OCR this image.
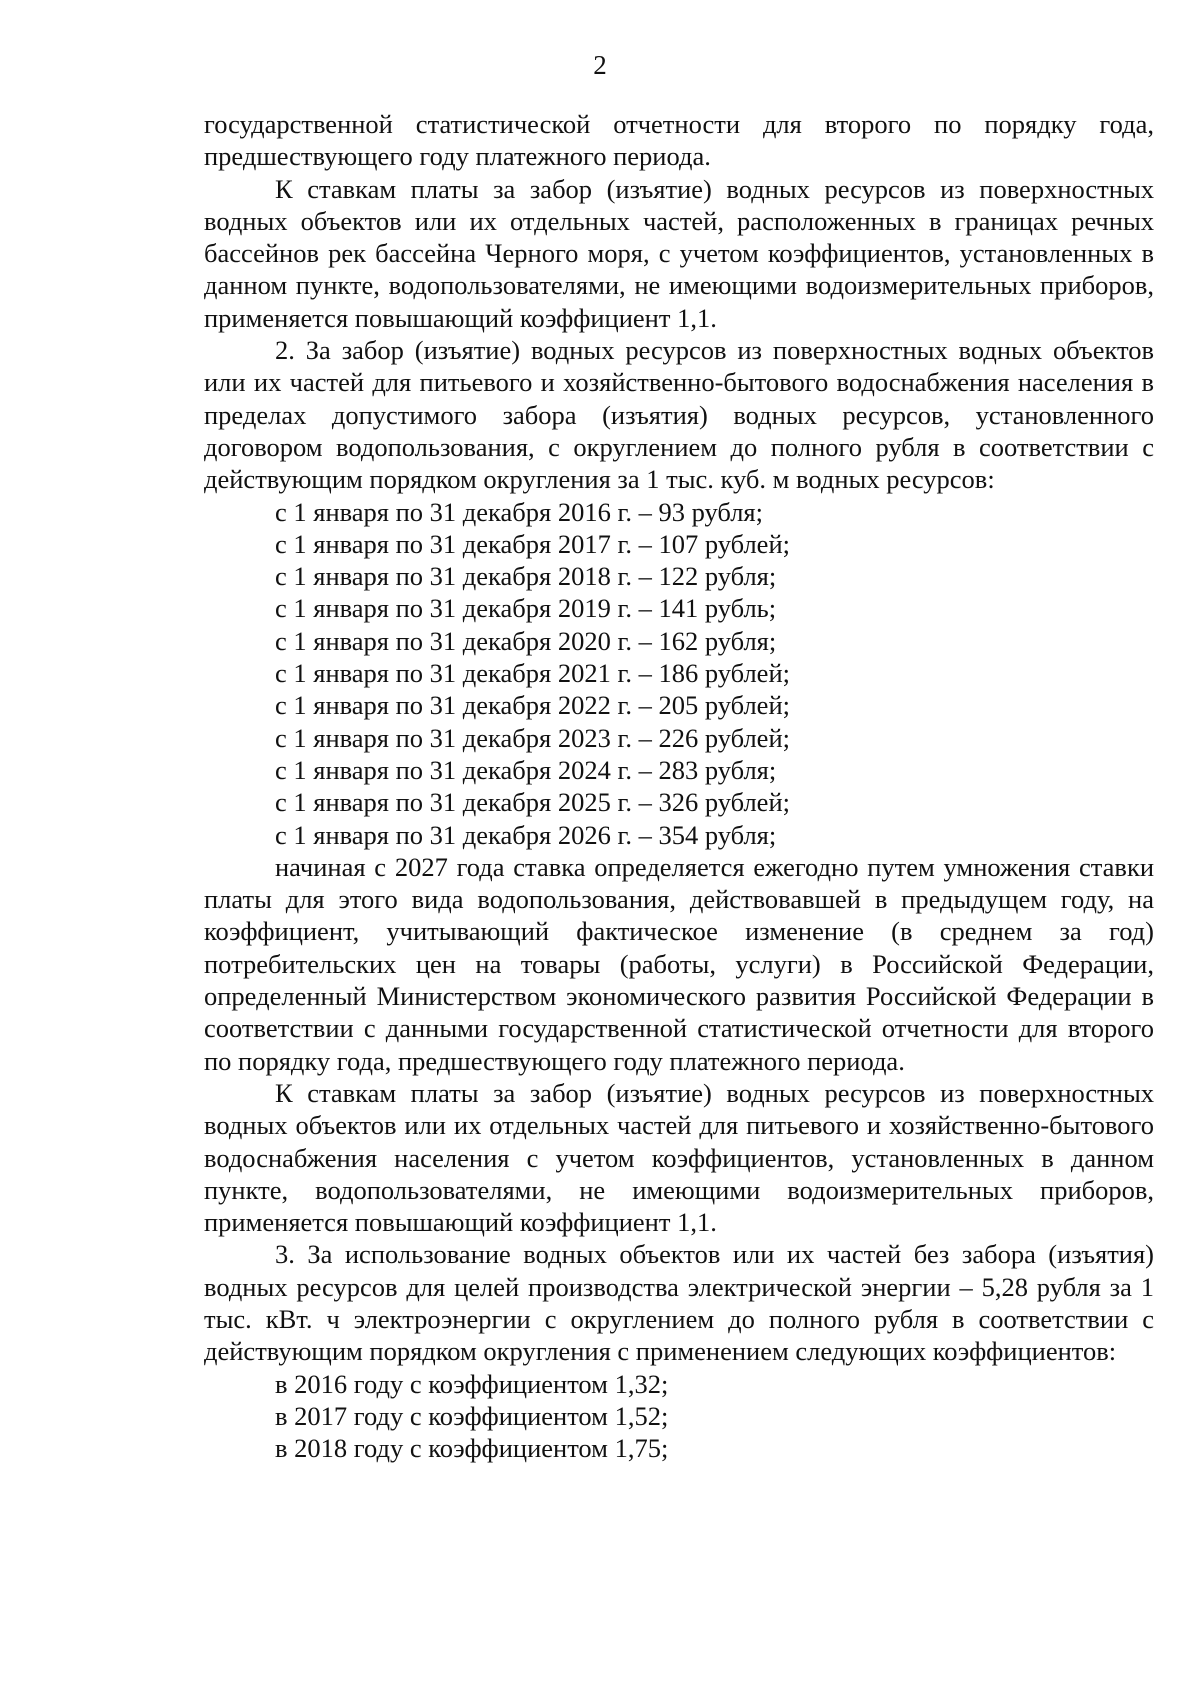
2

государственной статистической отчетности для второго по порядку года, предшествующего году платежного периода.

К ставкам платы за забор (изъятие) водных ресурсов из поверхностных водных объектов или их отдельных частей, расположенных в границах речных бассейнов рек бассейна Черного моря, с учетом коэффициентов, установленных в данном пункте, водопользователями, не имеющими водоизмерительных приборов, применяется повышающий коэффициент 1,1.

2. За забор (изъятие) водных ресурсов из поверхностных водных объектов или их частей для питьевого и хозяйственно-бытового водоснабжения населения в пределах допустимого забора (изъятия) водных ресурсов, установленного договором водопользования, с округлением до полного рубля в соответствии с действующим порядком округления за 1 тыс. куб. м водных ресурсов:

с 1 января по 31 декабря 2016 г. – 93 рубля;
с 1 января по 31 декабря 2017 г. – 107 рублей;
с 1 января по 31 декабря 2018 г. – 122 рубля;
с 1 января по 31 декабря 2019 г. – 141 рубль;
с 1 января по 31 декабря 2020 г. – 162 рубля;
с 1 января по 31 декабря 2021 г. – 186 рублей;
с 1 января по 31 декабря 2022 г. – 205 рублей;
с 1 января по 31 декабря 2023 г. – 226 рублей;
с 1 января по 31 декабря 2024 г. – 283 рубля;
с 1 января по 31 декабря 2025 г. – 326 рублей;
с 1 января по 31 декабря 2026 г. – 354 рубля;

начиная с 2027 года ставка определяется ежегодно путем умножения ставки платы для этого вида водопользования, действовавшей в предыдущем году, на коэффициент, учитывающий фактическое изменение (в среднем за год) потребительских цен на товары (работы, услуги) в Российской Федерации, определенный Министерством экономического развития Российской Федерации в соответствии с данными государственной статистической отчетности для второго по порядку года, предшествующего году платежного периода.

К ставкам платы за забор (изъятие) водных ресурсов из поверхностных водных объектов или их отдельных частей для питьевого и хозяйственно-бытового водоснабжения населения с учетом коэффициентов, установленных в данном пункте, водопользователями, не имеющими водоизмерительных приборов, применяется повышающий коэффициент 1,1.

3. За использование водных объектов или их частей без забора (изъятия) водных ресурсов для целей производства электрической энергии – 5,28 рубля за 1 тыс. кВт. ч электроэнергии с округлением до полного рубля в соответствии с действующим порядком округления с применением следующих коэффициентов:

в 2016 году с коэффициентом 1,32;
в 2017 году с коэффициентом 1,52;
в 2018 году с коэффициентом 1,75;
